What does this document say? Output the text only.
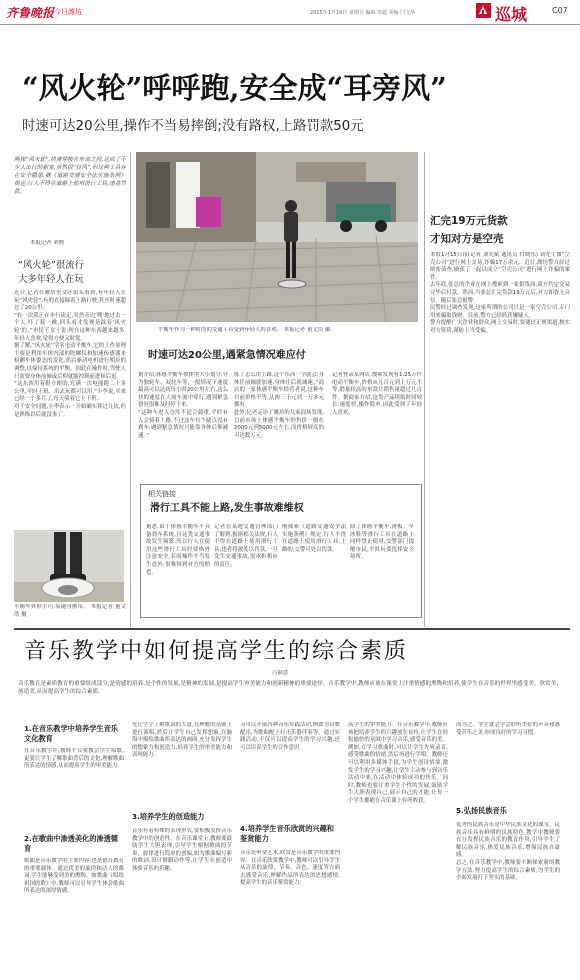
齐鲁晚报 今日潍坊	2015年1月16日 星期五 编辑 李超 美编 门文华	巡城	C07
“风火轮”呼呼跑,安全成“耳旁风”
时速可达20公里,操作不当易摔倒;没有路权,上路罚款50元
刚探“风火轮”,快速穿梭在车流之间,这成了不少人出行的新宠,虽然很“拉风”,但这种工具存在安全隐患,据《道路交通安全法实施条例》规定,行人不得在道路上使用滑行工具,违者罚款。
本报记者 刘晓
“风火轮”很流行
大多年轻人在玩
近日,记者在潍坊奎文区街头看到,有年轻人在玩“风火轮”,有的直接踩着上路行驶,甚至时速超过了20公里。
“有一次我正在步行街走,突然旁边‘嗖’地过去一个人,吓了我一跳,回头看才发现是踩着‘风火轮’的。”市民王女士说,现在这种东西越来越多,年轻人喜欢,觉得方便又时髦。
据了解,“风火轮”学名电动平衡车,它的工作原理主要是利用车体内部的陀螺仪和加速传感器来检测车体姿态的变化,然后驱动电机进行相应的调整,以保持系统的平衡。因此在操作时,驾驶人只需要身体前倾或后仰就能控制前进和后退。
“这东西用着挺方便的,充满一次电能跑二十多公里,平时上班、出去玩都可以用,”小李说,买来已经一个多月了,每天骑着它上下班。
对于安全问题,小李表示一开始确实摔过几次,但是熟练以后就没事了。
平衡车外形小巧,易随身携带。 本报记者 董文浩 摄
平衡车作为一种时尚的交通工具受到年轻人的喜欢。 本报记者 董文浩 摄
时速可达20公里,遇紧急情况难应付
据介绍,体感平衡车按体型大小划分,分为独轮车、双轮车等,一般情况下速度最高可以达到每小时20公里左右,这么快的速度在人流车流中穿行,遇到紧急情况很难及时停下来。
“这种车进入仓库不适合载重,平时有人会骑着上路,不过这车有个缺点没有刹车,遇到紧急情况只能靠身体后仰减速。”
练了怎么用上路,这个东西一学就会,身体往前倾就加速,身体往后就减速。”商店的一家体感平衡车经营者说,这种车目前价格不等,从两三千元到一万多元都有。
此外,记者走访了潍坊的几家商场发现,目前市场上体感平衡车的售价一般在2000元到5000元左右,而价格较高的可达数万元。
记者登录某网店,搜索发现有1.25万件电动平衡车,价格从几百元到上万元不等,销量较高的单款月销售量超过几百件。据商家介绍,这类产品续航时间较长,速度快,操作简单,因此受到了年轻人喜欢。
相关链接
滑行工具不能上路,发生事故难维权
据悉,由于体感平衡车不具备刹车系统,且这类交通事故发生频繁,所以行人在使用这些滑行工具时要格外注意安全,若因操作不当发生意外,很难得到对方的赔偿。
记者在某地交通管理部门了解到,根据相关法规,行人不得在道路上使用滑行工具,违者将被处以罚款,一旦发生交通事故,需承担相应的责任。
刚探索《道路交通安全法实施条例》规定,行人不得在道路上使用滑行工具,上路的,交警可处以罚款。
除了体感平衡车,滑板、旱冰鞋等滑行工具在道路上同样禁止使用,交警部门提醒市民,平时玩要选择安全场所。
汇完19万元货款
才知对方是空壳
本报1月15日讯(记者 刘光斌 通讯员 付晓东) 刘先生做“空壳公司”进行网上交易,诈骗17万余元。近日,潍坊警方经过缜密侦查,破获了一起以成立“空壳公司”进行网上诈骗的案件。
去年底,张总的企业在网上搜索到一家供货商,双方约定交易完毕后付款。然而,当张总汇完货款19万元后,对方却杳无音信。随后张总报警。
民警经过调查发现,这家所谓的公司只是一家空壳公司,专门用来骗取钱财。目前,警方已经抓获嫌疑人。
警方提醒广大企业和群众,网上交易时,要通过正规渠道,核实对方资质,谨防上当受骗。
音乐教学中如何提高学生的综合素质
吕淑慧
音乐教育是素质教育的重要组成部分,是情感的培养,是个性的发展,是精神的发展,是提高学生审美能力和创新精神的重要途径。音乐教学中,教师应该在课堂上注重情感的熏陶和培养,使学生在音乐的世界里感受美、欣赏美、创造美,从而提高学生的综合素质。
1.在音乐教学中培养学生音乐文化教育
在音乐教学中,教师不仅要教会学生唱歌,更要让学生了解歌曲背后的文化,理解歌曲所表达的情感,从而提高学生的审美能力。
2.在歌曲中渗透美化的渗透德育
歌曲是音乐教学的主要内容,也是德育教育的重要载体。通过优美的旋律和动人的歌词,学生能够受到美的熏陶。如歌曲《唱给祖国的歌》中,教师可以引导学生体会歌曲所表达的深厚情感。
先让学生了解歌词的大意,在理解的基础上进行演唱,然后让学生自己发挥想象,在脑海中描绘歌曲所表达的画面,充分发挥学生的想象力和创造力,培养学生的审美能力和表现能力。
3.培养学生的创造能力
音乐有着特殊的表现形式,要积极发挥音乐教学中的创造性。在音乐课堂上,教师要鼓励学生大胆表现,引导学生根据歌曲的节奏、旋律进行简单的创编,如为歌曲编写新的歌词,设计舞蹈动作等,让学生在创造中体验音乐的乐趣。
习可以开展各种音乐实践活动,例如为诗歌配乐,为歌曲配上打击乐器伴奏等。通过实践活动,不仅可以提高学生的学习兴趣,还可以培养学生的合作意识。
4.培养学生音乐欣赏的兴趣和鉴赏能力
音乐是听觉艺术,欣赏是音乐教学的重要内容。在音乐欣赏教学中,教师可以引导学生从音乐的旋律、节奏、音色、速度等方面去感受音乐,理解作品所表达的思想感情,提高学生的音乐鉴赏能力。
高学生的审美能力。在音乐教学中,教师应该把培养学生的兴趣放在首位,让学生在轻松愉快的氛围中学习音乐,感受音乐的美。例如,在学习歌曲时,可以让学生先听录音,感受歌曲的情绪,然后再进行学唱。教师还可以利用多媒体手段,为学生创设情境,激发学生的学习兴趣,让学生主动参与到音乐活动中来,在活动中体验成功的快乐。同时,教师也要注重学生个性的发展,鼓励学生大胆表现自己,展示自己的才能,让每一个学生都能在音乐课上有所收获。
而为之。学生就会学会聆听美好的声音和感受音乐之美,形成良好的学习习惯。
5.弘扬民族音乐
优秀的民族音乐是中华民族文化的瑰宝。民族音乐具有鲜明的民族特色,教学中教师要充分发挥民族音乐的教育作用,引导学生了解民族音乐,热爱民族音乐,增强民族自豪感。
总之,在音乐教学中,教师要不断探索新的教学方法,努力提高学生的综合素质,为学生的全面发展打下坚实的基础。
